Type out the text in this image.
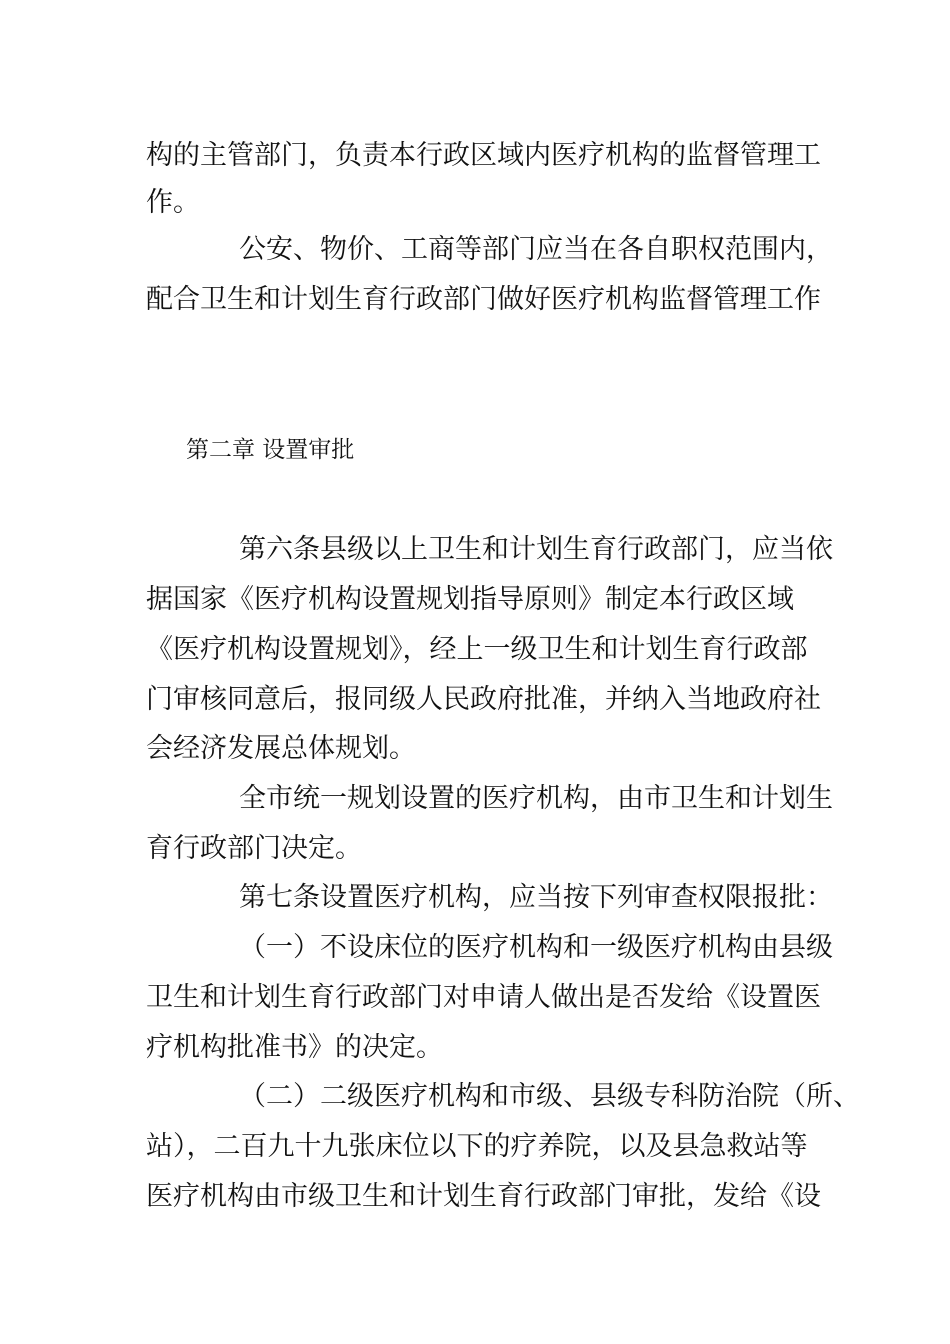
构的主管部门，负责本行政区域内医疗机构的监督管理工
作。
公安、物价、工商等部门应当在各自职权范围内，
配合卫生和计划生育行政部门做好医疗机构监督管理工作
第二章 设置审批
第六条县级以上卫生和计划生育行政部门，应当依
据国家《医疗机构设置规划指导原则》制定本行政区域
《医疗机构设置规划》，经上一级卫生和计划生育行政部
门审核同意后，报同级人民政府批准，并纳入当地政府社
会经济发展总体规划。
全市统一规划设置的医疗机构，由市卫生和计划生
育行政部门决定。
第七条设置医疗机构，应当按下列审查权限报批：
（一）不设床位的医疗机构和一级医疗机构由县级
卫生和计划生育行政部门对申请人做出是否发给《设置医
疗机构批准书》的决定。
（二）二级医疗机构和市级、县级专科防治院（所、
站），二百九十九张床位以下的疗养院，以及县急救站等
医疗机构由市级卫生和计划生育行政部门审批，发给《设
